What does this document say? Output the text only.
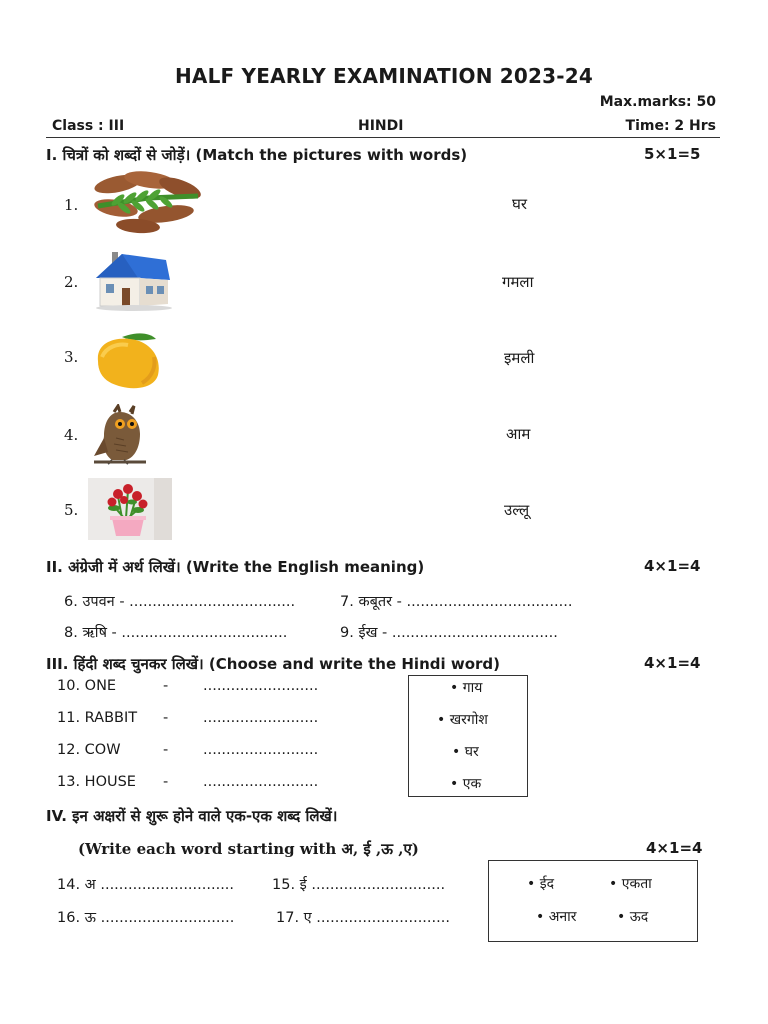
HALF YEARLY EXAMINATION 2023-24
Max.marks: 50
Class : III	HINDI	Time: 2 Hrs
I. चित्रों को शब्दों से जोड़ें। (Match the pictures with words)	5×1=5
1.	घर
2.	गमला
3.	इमली
4.	आम
5.	उल्लू
II. अंग्रेजी में अर्थ लिखें। (Write the English meaning)	4×1=4
6. उपवन - ....................................	7. कबूतर - ....................................
8. ऋषि - ....................................	9. ईख - ....................................
III. हिंदी शब्द चुनकर लिखें। (Choose and write the Hindi word)	4×1=4
10. ONE	- .........................
11. RABBIT - .........................
12. COW	- .........................
13. HOUSE - .........................
• गाय
• खरगोश
• घर
• एक
IV. इन अक्षरों से शुरू होने वाले एक-एक शब्द लिखें।
(Write each word starting with अ, ई ,ऊ ,ए)	4×1=4
14. अ .............................	15. ई .............................
16. ऊ .............................	17. ए .............................
• ईद	• एकता
• अनार	• ऊद
